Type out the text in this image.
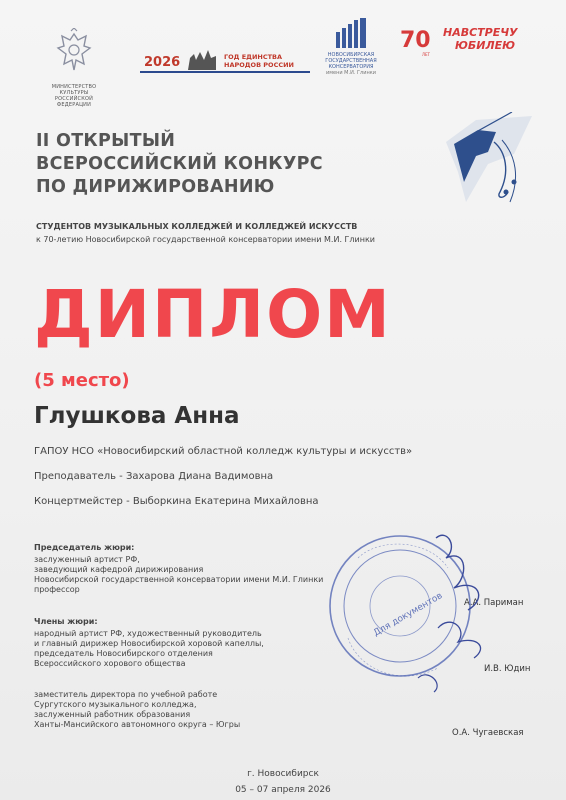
МИНИСТЕРСТВО КУЛЬТУРЫ
РОССИЙСКОЙ ФЕДЕРАЦИИ
2026	ГОД ЕДИНСТВА
НАРОДОВ РОССИИ
НОВОСИБИРСКАЯ
ГОСУДАРСТВЕННАЯ
КОНСЕРВАТОРИЯ
имени М.И. Глинки
70
ЛЕТ
НАВСТРЕЧУ
ЮБИЛЕЮ
II ОТКРЫТЫЙ
ВСЕРОССИЙСКИЙ КОНКУРС
ПО ДИРИЖИРОВАНИЮ
СТУДЕНТОВ МУЗЫКАЛЬНЫХ КОЛЛЕДЖЕЙ И КОЛЛЕДЖЕЙ ИСКУССТВ
к 70-летию Новосибирской государственной консерватории имени М.И. Глинки
ДИПЛОМ
(5 место)
Глушкова Анна
ГАПОУ НСО «Новосибирский областной колледж культуры и искусств»
Преподаватель - Захарова Диана Вадимовна
Концертмейстер - Выборкина Екатерина Михайловна
Председатель жюри:
заслуженный артист РФ,
заведующий кафедрой дирижирования
Новосибирской государственной консерватории имени М.И. Глинки
профессор
А.А. Париман
Члены жюри:
народный артист РФ, художественный руководитель
и главный дирижер Новосибирской хоровой капеллы,
председатель Новосибирского отделения
Всероссийского хорового общества
И.В. Юдин
заместитель директора по учебной работе
Сургутского музыкального колледжа,
заслуженный работник образования
Ханты-Мансийского автономного округа – Югры
О.А. Чугаевская
Для документов
г. Новосибирск
05 – 07 апреля 2026
